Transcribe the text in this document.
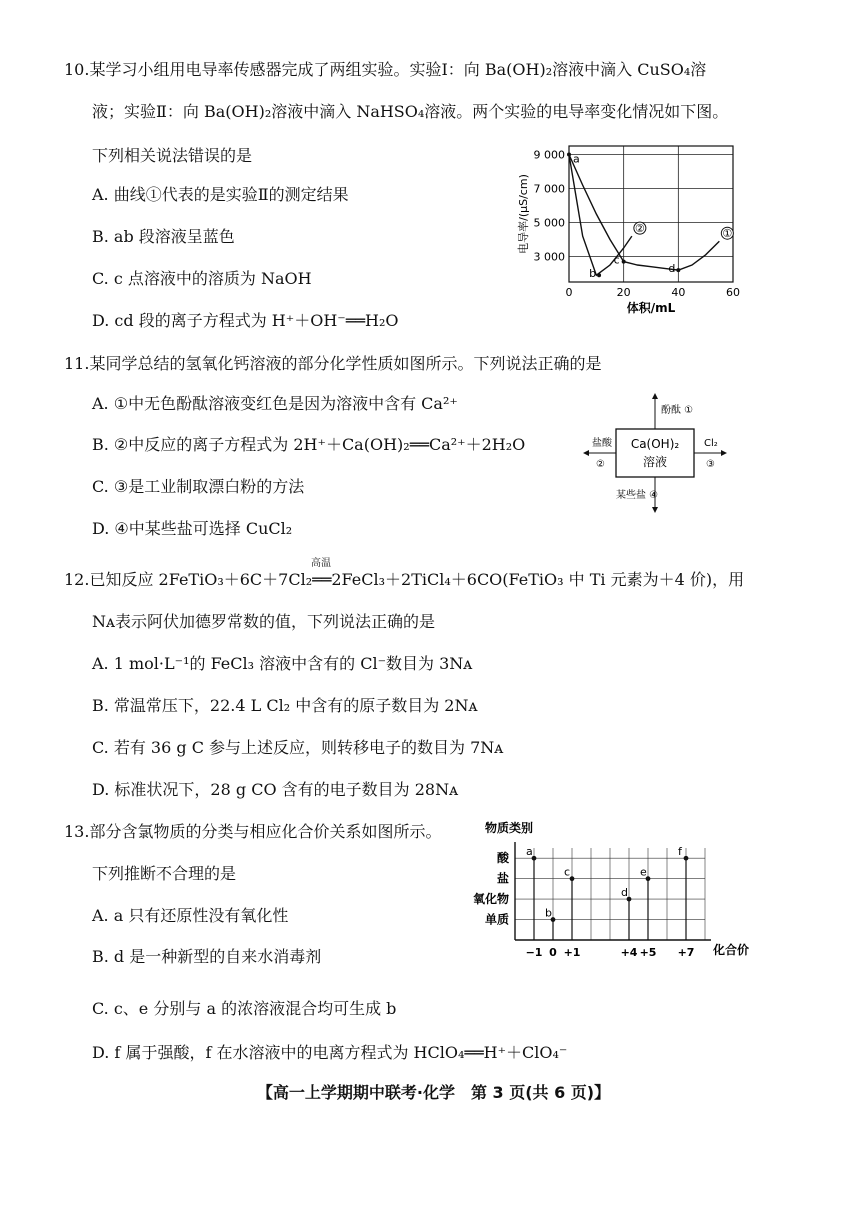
10.某学习小组用电导率传感器完成了两组实验。实验Ⅰ：向 Ba(OH)₂溶液中滴入 CuSO₄溶
液；实验Ⅱ：向 Ba(OH)₂溶液中滴入 NaHSO₄溶液。两个实验的电导率变化情况如下图。
下列相关说法错误的是
A. 曲线①代表的是实验Ⅱ的测定结果
B. ab 段溶液呈蓝色
C. c 点溶液中的溶质为 NaOH
D. cd 段的离子方程式为 H⁺＋OH⁻══H₂O
0	20	40	60
3 000
5 000
7 000
9 000
体积/mL
电导率/(μS/cm)	①
②
a
b
c
d
11.某同学总结的氢氧化钙溶液的部分化学性质如图所示。下列说法正确的是
A. ①中无色酚酞溶液变红色是因为溶液中含有 Ca²⁺
B. ②中反应的离子方程式为 2H⁺＋Ca(OH)₂══Ca²⁺＋2H₂O
C. ③是工业制取漂白粉的方法
D. ④中某些盐可选择 CuCl₂
Ca(OH)₂
溶液
酚酞 ①
盐酸
②
Cl₂
③
某些盐 ④
高温
12.已知反应 2FeTiO₃＋6C＋7Cl₂══2FeCl₃＋2TiCl₄＋6CO(FeTiO₃ 中 Ti 元素为＋4 价)，用
Nᴀ表示阿伏加德罗常数的值，下列说法正确的是
A. 1 mol·L⁻¹的 FeCl₃ 溶液中含有的 Cl⁻数目为 3Nᴀ
B. 常温常压下，22.4 L Cl₂ 中含有的原子数目为 2Nᴀ
C. 若有 36 g C 参与上述反应，则转移电子的数目为 7Nᴀ
D. 标准状况下，28 g CO 含有的电子数目为 28Nᴀ
13.部分含氯物质的分类与相应化合价关系如图所示。
下列推断不合理的是
A. a 只有还原性没有氧化性
B. d 是一种新型的自来水消毒剂
C. c、e 分别与 a 的浓溶液混合均可生成 b
D. f 属于强酸，f 在水溶液中的电离方程式为 HClO₄══H⁺＋ClO₄⁻
物质类别
化合价
单质
氧化物
盐
酸
−1 0 +1	+4 +5 +7
a
b
c
d
e
f
【高一上学期期中联考·化学　第 3 页(共 6 页)】
